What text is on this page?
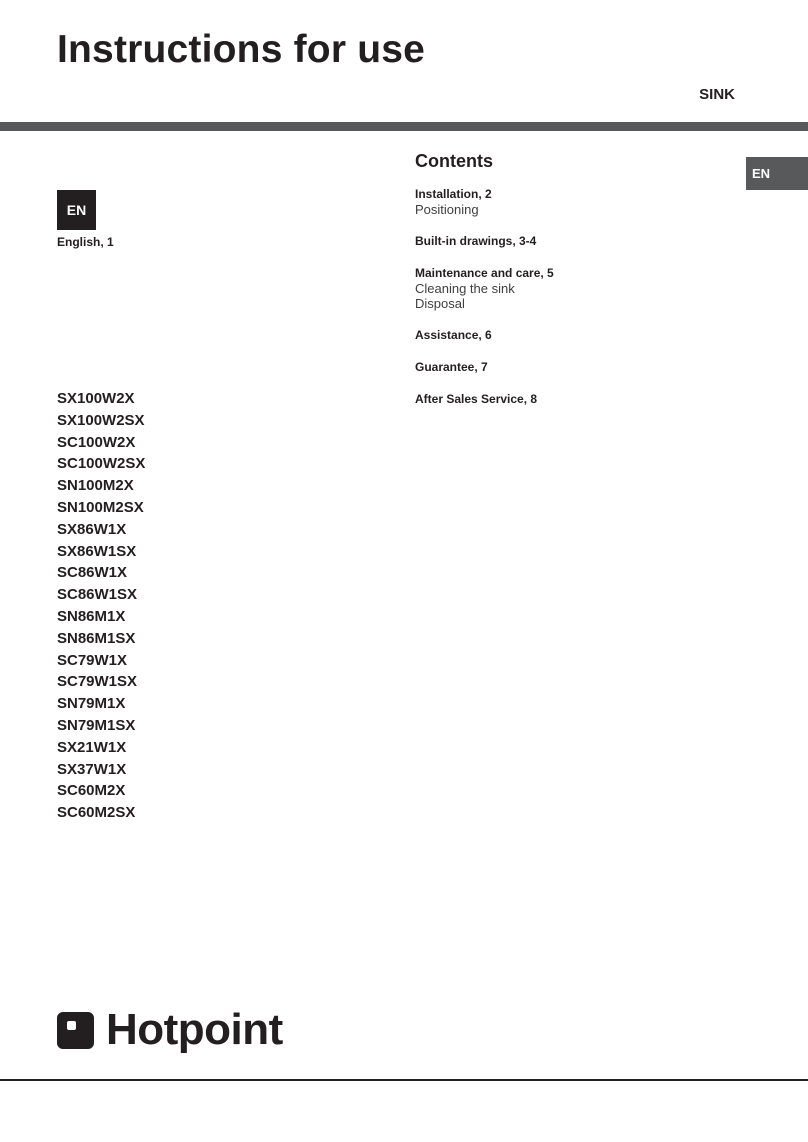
Instructions for use
SINK
EN
English, 1
EN
Contents
Installation, 2
Positioning
Built-in drawings, 3-4
Maintenance and care, 5
Cleaning the sink
Disposal
Assistance, 6
Guarantee, 7
After Sales Service, 8
SX100W2X
SX100W2SX
SC100W2X
SC100W2SX
SN100M2X
SN100M2SX
SX86W1X
SX86W1SX
SC86W1X
SC86W1SX
SN86M1X
SN86M1SX
SC79W1X
SC79W1SX
SN79M1X
SN79M1SX
SX21W1X
SX37W1X
SC60M2X
SC60M2SX
Hotpoint
